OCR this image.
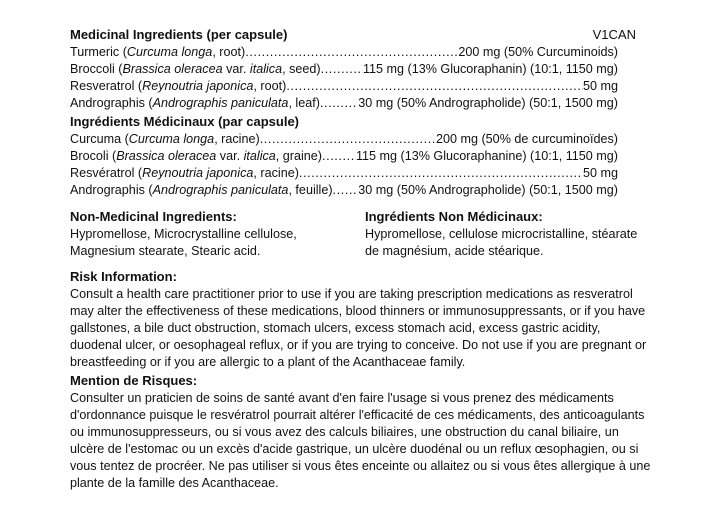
Medicinal Ingredients (per capsule)	V1CAN
Turmeric (Curcuma longa, root) .....	200 mg (50% Curcuminoids)
Broccoli (Brassica oleracea var. italica, seed) .....	115 mg (13% Glucoraphanin) (10:1, 1150 mg)
Resveratrol (Reynoutria japonica, root) .....	50 mg
Andrographis (Andrographis paniculata, leaf) .....	30 mg (50% Andrographolide) (50:1, 1500 mg)
Ingrédients Médicinaux (par capsule)
Curcuma (Curcuma longa, racine) .....	200 mg (50% de curcuminoïdes)
Brocoli (Brassica oleracea var. italica, graine) .....	115 mg (13% Glucoraphanine) (10:1, 1150 mg)
Resvératrol (Reynoutria japonica, racine) .....	50 mg
Andrographis (Andrographis paniculata, feuille) ..... 30 mg (50% Andrographolide) (50:1, 1500 mg)
Non-Medicinal Ingredients:
Hypromellose, Microcrystalline cellulose,
Magnesium stearate, Stearic acid.
Ingrédients Non Médicinaux:
Hypromellose, cellulose microcristalline, stéarate
de magnésium, acide stéarique.
Risk Information:
Consult a health care practitioner prior to use if you are taking prescription medications as resveratrol
may alter the effectiveness of these medications, blood thinners or immunosuppressants, or if you have
gallstones, a bile duct obstruction, stomach ulcers, excess stomach acid, excess gastric acidity,
duodenal ulcer, or oesophageal reflux, or if you are trying to conceive. Do not use if you are pregnant or
breastfeeding or if you are allergic to a plant of the Acanthaceae family.
Mention de Risques:
Consulter un praticien de soins de santé avant d'en faire l'usage si vous prenez des médicaments
d'ordonnance puisque le resvératrol pourrait altérer l'efficacité de ces médicaments, des anticoagulants
ou immunosuppresseurs, ou si vous avez des calculs biliaires, une obstruction du canal biliaire, un
ulcère de l'estomac ou un excès d'acide gastrique, un ulcère duodénal ou un reflux œsophagien, ou si
vous tentez de procréer. Ne pas utiliser si vous êtes enceinte ou allaitez ou si vous êtes allergique à une
plante de la famille des Acanthaceae.
